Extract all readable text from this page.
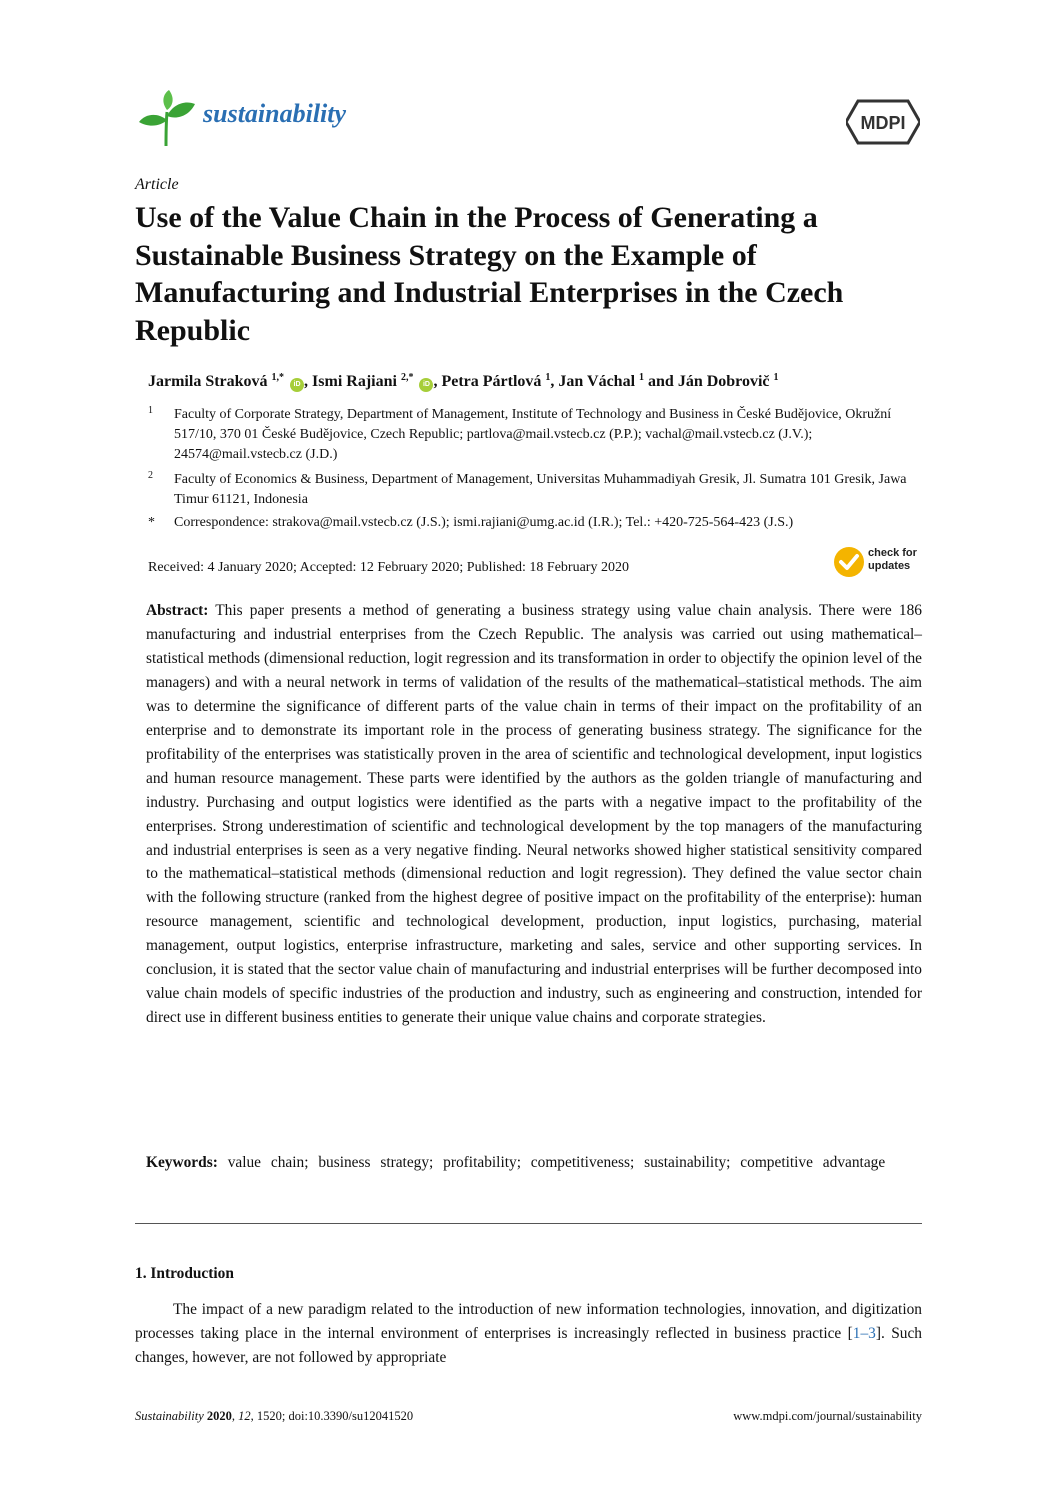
sustainability	MDPI
Article
Use of the Value Chain in the Process of Generating a Sustainable Business Strategy on the Example of Manufacturing and Industrial Enterprises in the Czech Republic
Jarmila Straková $^{1,*}$ iD , Ismi Rajiani $^{2,*}$ iD , Petra Pártlová $^1$, Jan Váchal $^1$ and Ján Dobrovič $^1$
1 Faculty of Corporate Strategy, Department of Management, Institute of Technology and Business in České Budějovice, Okružní 517/10, 370 01 České Budějovice, Czech Republic; partlova@mail.vstecb.cz (P.P.); vachal@mail.vstecb.cz (J.V.); 24574@mail.vstecb.cz (J.D.)
2 Faculty of Economics & Business, Department of Management, Universitas Muhammadiyah Gresik, Jl. Sumatra 101 Gresik, Jawa Timur 61121, Indonesia
* Correspondence: strakova@mail.vstecb.cz (J.S.); ismi.rajiani@umg.ac.id (I.R.); Tel.: +420-725-564-423 (J.S.)
Received: 4 January 2020; Accepted: 12 February 2020; Published: 18 February 2020
check for
updates

Abstract: This paper presents a method of generating a business strategy using value chain analysis. There were 186 manufacturing and industrial enterprises from the Czech Republic. The analysis was carried out using mathematical–statistical methods (dimensional reduction, logit regression and its transformation in order to objectify the opinion level of the managers) and with a neural network in terms of validation of the results of the mathematical–statistical methods. The aim was to determine the significance of different parts of the value chain in terms of their impact on the profitability of an enterprise and to demonstrate its important role in the process of generating business strategy. The significance for the profitability of the enterprises was statistically proven in the area of scientific and technological development, input logistics and human resource management. These parts were identified by the authors as the golden triangle of manufacturing and industry. Purchasing and output logistics were identified as the parts with a negative impact to the profitability of the enterprises. Strong underestimation of scientific and technological development by the top managers of the manufacturing and industrial enterprises is seen as a very negative finding. Neural networks showed higher statistical sensitivity compared to the mathematical–statistical methods (dimensional reduction and logit regression). They defined the value sector chain with the following structure (ranked from the highest degree of positive impact on the profitability of the enterprise): human resource management, scientific and technological development, production, input logistics, purchasing, material management, output logistics, enterprise infrastructure, marketing and sales, service and other supporting services. In conclusion, it is stated that the sector value chain of manufacturing and industrial enterprises will be further decomposed into value chain models of specific industries of the production and industry, such as engineering and construction, intended for direct use in different business entities to generate their unique value chains and corporate strategies.

Keywords: value chain; business strategy; profitability; competitiveness; sustainability; competitive advantage

1. Introduction

The impact of a new paradigm related to the introduction of new information technologies, innovation, and digitization processes taking place in the internal environment of enterprises is increasingly reflected in business practice [1–3]. Such changes, however, are not followed by appropriate

Sustainability 2020, 12, 1520; doi:10.3390/su12041520	www.mdpi.com/journal/sustainability
